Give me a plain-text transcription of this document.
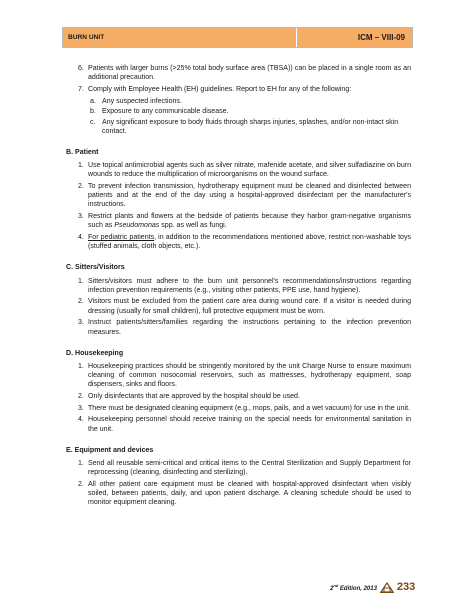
BURN UNIT	ICM – VIII-09
6. Patients with larger burns (>25% total body surface area (TBSA)) can be placed in a single room as an additional precaution.
7. Comply with Employee Health (EH) guidelines. Report to EH for any of the following:
a. Any suspected infections.
b. Exposure to any communicable disease.
c. Any significant exposure to body fluids through sharps injuries, splashes, and/or non-intact skin contact.
B. Patient
1. Use topical antimicrobial agents such as silver nitrate, mafenide acetate, and silver sulfadiazine on burn wounds to reduce the multiplication of microorganisms on the wound surface.
2. To prevent infection transmission, hydrotherapy equipment must be cleaned and disinfected between patients and at the end of the day using a hospital-approved disinfectant per the manufacturer's instructions.
3. Restrict plants and flowers at the bedside of patients because they harbor gram-negative organisms such as Pseudomonas spp. as well as fungi.
4. For pediatric patients, in addition to the recommendations mentioned above, restrict non-washable toys (stuffed animals, cloth objects, etc.).
C. Sitters/Visitors
1. Sitters/visitors must adhere to the burn unit personnel's recommendations/instructions regarding infection prevention requirements (e.g., visiting other patients, PPE use, hand hygiene).
2. Visitors must be excluded from the patient care area during wound care. If a visitor is needed during dressing (usually for small children), full protective equipment must be worn.
3. Instruct patients/sitters/families regarding the instructions pertaining to the infection prevention measures.
D. Housekeeping
1. Housekeeping practices should be stringently monitored by the unit Charge Nurse to ensure maximum cleaning of common nosocomial reservoirs, such as mattresses, hydrotherapy equipment, soap dispensers, sinks and floors.
2. Only disinfectants that are approved by the hospital should be used.
3. There must be designated cleaning equipment (e.g., mops, pails, and a wet vacuum) for use in the unit.
4. Housekeeping personnel should receive training on the special needs for environmental sanitation in the unit.
E. Equipment and devices
1. Send all reusable semi-critical and critical items to the Central Sterilization and Supply Department for reprocessing (cleaning, disinfecting and sterilizing).
2. All other patient care equipment must be cleaned with hospital-approved disinfectant when visibly soiled, between patients, daily, and upon patient discharge. A cleaning schedule should be used to monitor equipment cleaning.
2nd Edition, 2013 233
